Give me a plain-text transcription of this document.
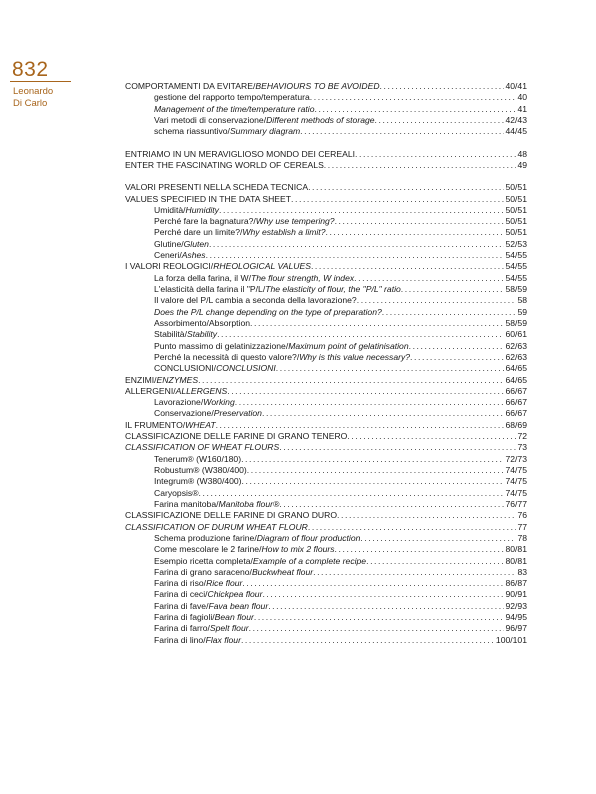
832
Leonardo
Di Carlo
COMPORTAMENTI DA EVITARE/BEHAVIOURS TO BE AVOIDED . . .	40/41
gestione del rapporto tempo/temperatura . . .	40
Management of the time/temperature ratio . . .	41
Vari metodi di conservazione/Different methods of storage . . .	42/43
schema riassuntivo/Summary diagram . . .	44/45
ENTRIAMO IN UN MERAVIGLIOSO MONDO DEI CEREALI . . .	48
ENTER THE FASCINATING WORLD OF CEREALS . . .	49
VALORI PRESENTI NELLA SCHEDA TECNICA . . .	50/51
VALUES SPECIFIED IN THE DATA SHEET . . .	50/51
Umidità/Humidity . . .	50/51
Perché fare la bagnatura?/Why use tempering? . . .	50/51
Perché dare un limite?/Why establish a limit? . . .	50/51
Glutine/Gluten . . .	52/53
Ceneri/Ashes . . .	54/55
I VALORI REOLOGICI/RHEOLOGICAL VALUES . . .	54/55
La forza della farina, il W/The flour strength, W index . . .	54/55
L'elasticità della farina il "P/L/The elasticity of flour, the "P/L" ratio . . .	58/59
Il valore del P/L cambia a seconda della lavorazione? . . .	58
Does the P/L change depending on the type of preparation? . . .	59
Assorbimento/Absorption . . .	58/59
Stabilità/Stability . . .	60/61
Punto massimo di gelatinizzazione/Maximum point of gelatinisation . . .	62/63
Perché la necessità di questo valore?/Why is this value necessary? . . .	62/63
CONCLUSIONI/CONCLUSIONI . . .	64/65
ENZIMI/ENZYMES . . .	64/65
ALLERGENI/ALLERGENS . . .	66/67
Lavorazione/Working . . .	66/67
Conservazione/Preservation . . .	66/67
IL FRUMENTO/WHEAT . . .	68/69
CLASSIFICAZIONE DELLE FARINE DI GRANO TENERO . . .	72
CLASSIFICATION OF WHEAT FLOURS . . .	73
Tenerum® (W160/180) . . .	72/73
Robustum® (W380/400) . . .	74/75
Integrum® (W380/400) . . .	74/75
Caryopsis® . . .	74/75
Farina manitoba/Manitoba flour® . . .	76/77
CLASSIFICAZIONE DELLE FARINE DI GRANO DURO . . .	76
CLASSIFICATION OF DURUM WHEAT FLOUR . . .	77
Schema produzione farine/Diagram of flour production . . .	78
Come mescolare le 2 farine/How to mix 2 flours . . .	80/81
Esempio ricetta completa/Example of a complete recipe . . .	80/81
Farina di grano saraceno/Buckwheat flour . . .	83
Farina di riso/Rice flour . . .	86/87
Farina di ceci/Chickpea flour . . .	90/91
Farina di fave/Fava bean flour . . .	92/93
Farina di fagioli/Bean flour . . .	94/95
Farina di farro/Spelt flour . . .	96/97
Farina di lino/Flax flour . . .	100/101
